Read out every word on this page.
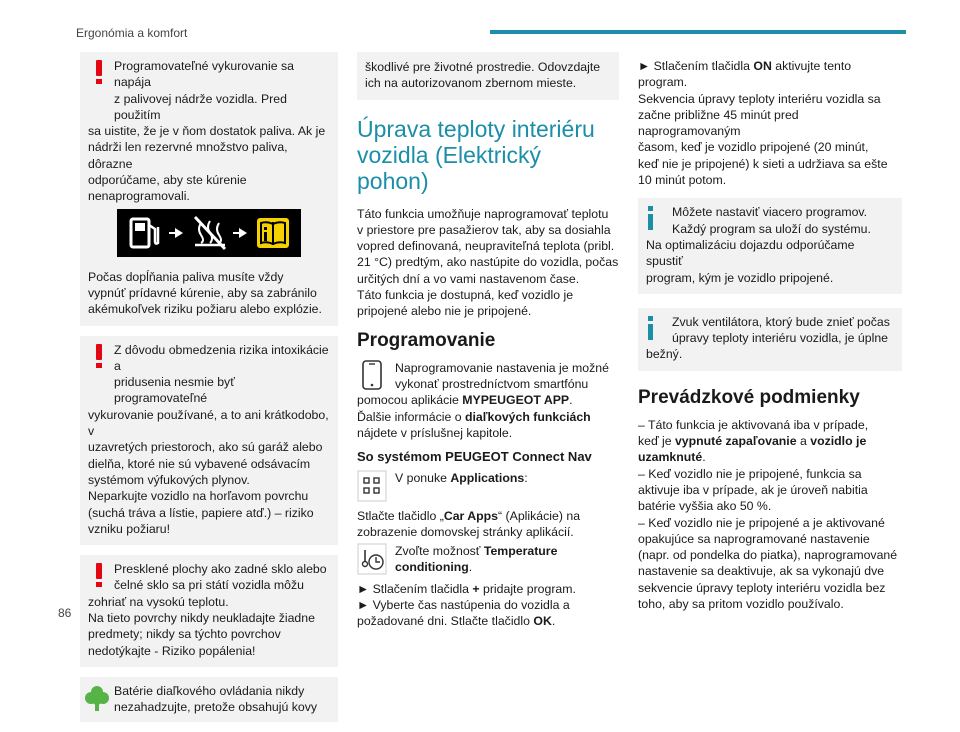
Ergonómia a komfort

Programovateľné vykurovanie sa napája

z palivovej nádrže vozidla. Pred použitím

sa uistite, že je v ňom dostatok paliva. Ak je

nádrži len rezervné množstvo paliva, dôrazne

odporúčame, aby ste kúrenie

nenaprogramovali.

Počas dopĺňania paliva musíte vždy

vypnúť prídavné kúrenie, aby sa zabránilo

akémukoľvek riziku požiaru alebo explózie.

Z dôvodu obmedzenia rizika intoxikácie a

pridusenia nesmie byť programovateľné

vykurovanie používané, a to ani krátkodobo, v

uzavretých priestoroch, ako sú garáž alebo

dielňa, ktoré nie sú vybavené odsávacím

systémom výfukových plynov.

Neparkujte vozidlo na horľavom povrchu

(suchá tráva a lístie, papiere atď.) – riziko

vzniku požiaru!

Presklené plochy ako zadné sklo alebo

čelné sklo sa pri státí vozidla môžu

zohriať na vysokú teplotu.

Na tieto povrchy nikdy neukladajte žiadne

predmety; nikdy sa týchto povrchov

nedotýkajte - Riziko popálenia!

Batérie diaľkového ovládania nikdy

nezahadzujte, pretože obsahujú kovy

škodlivé pre životné prostredie. Odovzdajte

ich na autorizovanom zbernom mieste.

Úprava teploty interiéru
vozidla (Elektrický pohon)

Táto funkcia umožňuje naprogramovať teplotu

v priestore pre pasažierov tak, aby sa dosiahla

vopred definovaná, neupraviteľná teplota (pribl.

21 °C) predtým, ako nastúpite do vozidla, počas

určitých dní a vo vami nastavenom čase.

Táto funkcia je dostupná, keď vozidlo je

pripojené alebo nie je pripojené.

Programovanie
Naprogramovanie nastavenia je možné
vykonať prostredníctvom smartfónu
pomocou aplikácie MYPEUGEOT APP.
Ďalšie informácie o diaľkových funkciách
nájdete v príslušnej kapitole.
So systémom PEUGEOT Connect Nav
V ponuke Applications:

Stlačte tlačidlo „Car Apps“ (Aplikácie) na

zobrazenie domovskej stránky aplikácií.

Zvoľte možnosť Temperature
conditioning.

► Stlačením tlačidla + pridajte program.

► Vyberte čas nastúpenia do vozidla a

požadované dni. Stlačte tlačidlo OK.

► Stlačením tlačidla ON aktivujte tento

program.

Sekvencia úpravy teploty interiéru vozidla sa

začne približne 45 minút pred naprogramovaným

časom, keď je vozidlo pripojené (20 minút,

keď nie je pripojené) k sieti a udržiava sa ešte

10 minút potom.

Môžete nastaviť viacero programov.

Každý program sa uloží do systému.

Na optimalizáciu dojazdu odporúčame spustiť

program, kým je vozidlo pripojené.

Zvuk ventilátora, ktorý bude znieť počas

úpravy teploty interiéru vozidla, je úplne

bežný.

Prevádzkové podmienky

– Táto funkcia je aktivovaná iba v prípade,

keď je vypnuté zapaľovanie a vozidlo je

uzamknuté.

– Keď vozidlo nie je pripojené, funkcia sa

aktivuje iba v prípade, ak je úroveň nabitia

batérie vyššia ako 50 %.

– Keď vozidlo nie je pripojené a je aktivované

opakujúce sa naprogramované nastavenie

(napr. od pondelka do piatka), naprogramované

nastavenie sa deaktivuje, ak sa vykonajú dve

sekvencie úpravy teploty interiéru vozidla bez

toho, aby sa pritom vozidlo používalo.

86
